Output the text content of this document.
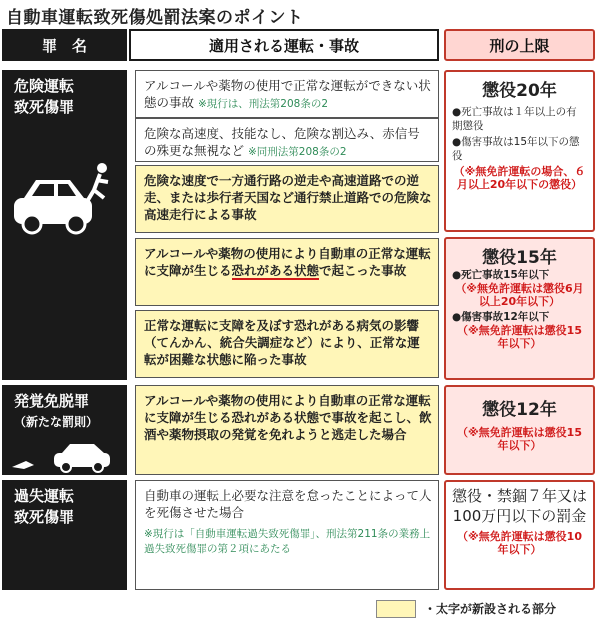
自動車運転致死傷処罰法案のポイント
罪　名	適用される運転・事故	刑の上限
危険運転
致死傷罪
アルコールや薬物の使用で正常な運転ができない状態の事故 ※現行は、刑法第208条の2
危険な高速度、技能なし、危険な割込み、赤信号の殊更な無視など ※同刑法第208条の2
危険な速度で一方通行路の逆走や高速道路での逆走、または歩行者天国など通行禁止道路での危険な高速走行による事故
アルコールや薬物の使用により自動車の正常な運転に支障が生じる恐れがある状態で起こった事故
正常な運転に支障を及ぼす恐れがある病気の影響（てんかん、統合失調症など）により、正常な運転が困難な状態に陥った事故
懲役20年
●死亡事故は１年以上の有期懲役
●傷害事故は15年以下の懲役
（※無免許運転の場合、６月以上20年以下の懲役）
懲役15年
●死亡事故15年以下
（※無免許運転は懲役6月以上20年以下）
●傷害事故12年以下
（※無免許運転は懲役15年以下）
発覚免脱罪
（新たな罰則）
アルコールや薬物の使用により自動車の正常な運転に支障が生じる恐れがある状態で事故を起こし、飲酒や薬物摂取の発覚を免れようと逃走した場合
懲役12年
（※無免許運転は懲役15年以下）
過失運転
致死傷罪
自動車の運転上必要な注意を怠ったことによって人を死傷させた場合
※現行は「自動車運転過失致死傷罪」、刑法第211条の業務上過失致死傷罪の第２項にあたる
懲役・禁錮７年又は100万円以下の罰金
（※無免許運転は懲役10年以下）
・太字が新設される部分
